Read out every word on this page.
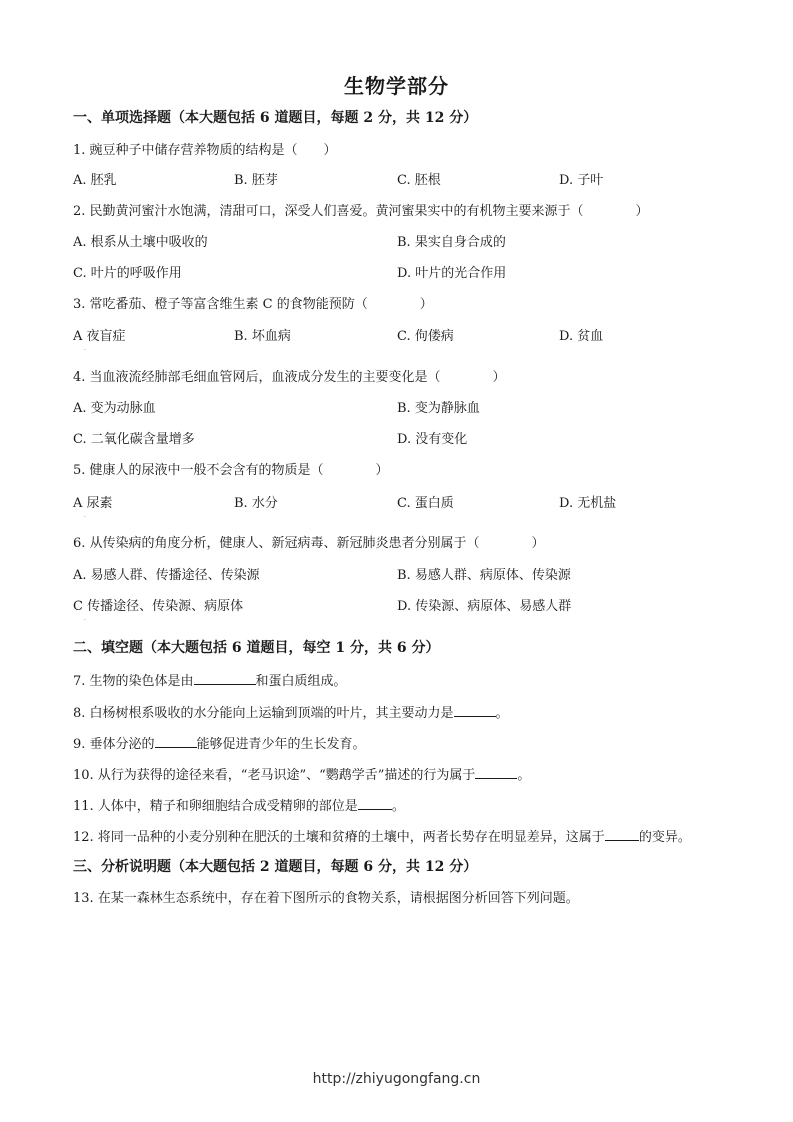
生物学部分
一、单项选择题（本大题包括 6 道题目，每题 2 分，共 12 分）
1. 豌豆种子中储存营养物质的结构是（　　）
A. 胚乳	B. 胚芽	C. 胚根	D. 子叶
2. 民勤黄河蜜汁水饱满，清甜可口，深受人们喜爱。黄河蜜果实中的有机物主要来源于（　　　　）
A. 根系从土壤中吸收的	B. 果实自身合成的
C. 叶片的呼吸作用	D. 叶片的光合作用
3. 常吃番茄、橙子等富含维生素 C 的食物能预防（　　　　）
A 夜盲症	B. 坏血病	C. 佝偻病	D. 贫血
·
4. 当血液流经肺部毛细血管网后，血液成分发生的主要变化是（　　　　）
A. 变为动脉血	B. 变为静脉血
C. 二氧化碳含量增多	D. 没有变化
5. 健康人的尿液中一般不会含有的物质是（　　　　）
A 尿素	B. 水分	C. 蛋白质	D. 无机盐
·
6. 从传染病的角度分析，健康人、新冠病毒、新冠肺炎患者分别属于（　　　　）
A. 易感人群、传播途径、传染源	B. 易感人群、病原体、传染源
C 传播途径、传染源、病原体	D. 传染源、病原体、易感人群
·
二、填空题（本大题包括 6 道题目，每空 1 分，共 6 分）
7. 生物的染色体是由	和蛋白质组成。
8. 白杨树根系吸收的水分能向上运输到顶端的叶片，其主要动力是	。
9. 垂体分泌的	能够促进青少年的生长发育。
10. 从行为获得的途径来看，“老马识途”、“鹦鹉学舌”描述的行为属于	。
11. 人体中，精子和卵细胞结合成受精卵的部位是	。
12. 将同一品种的小麦分别种在肥沃的土壤和贫瘠的土壤中，两者长势存在明显差异，这属于	的变异。
三、分析说明题（本大题包括 2 道题目，每题 6 分，共 12 分）
13. 在某一森林生态系统中，存在着下图所示的食物关系，请根据图分析回答下列问题。
http://zhiyugongfang.cn
